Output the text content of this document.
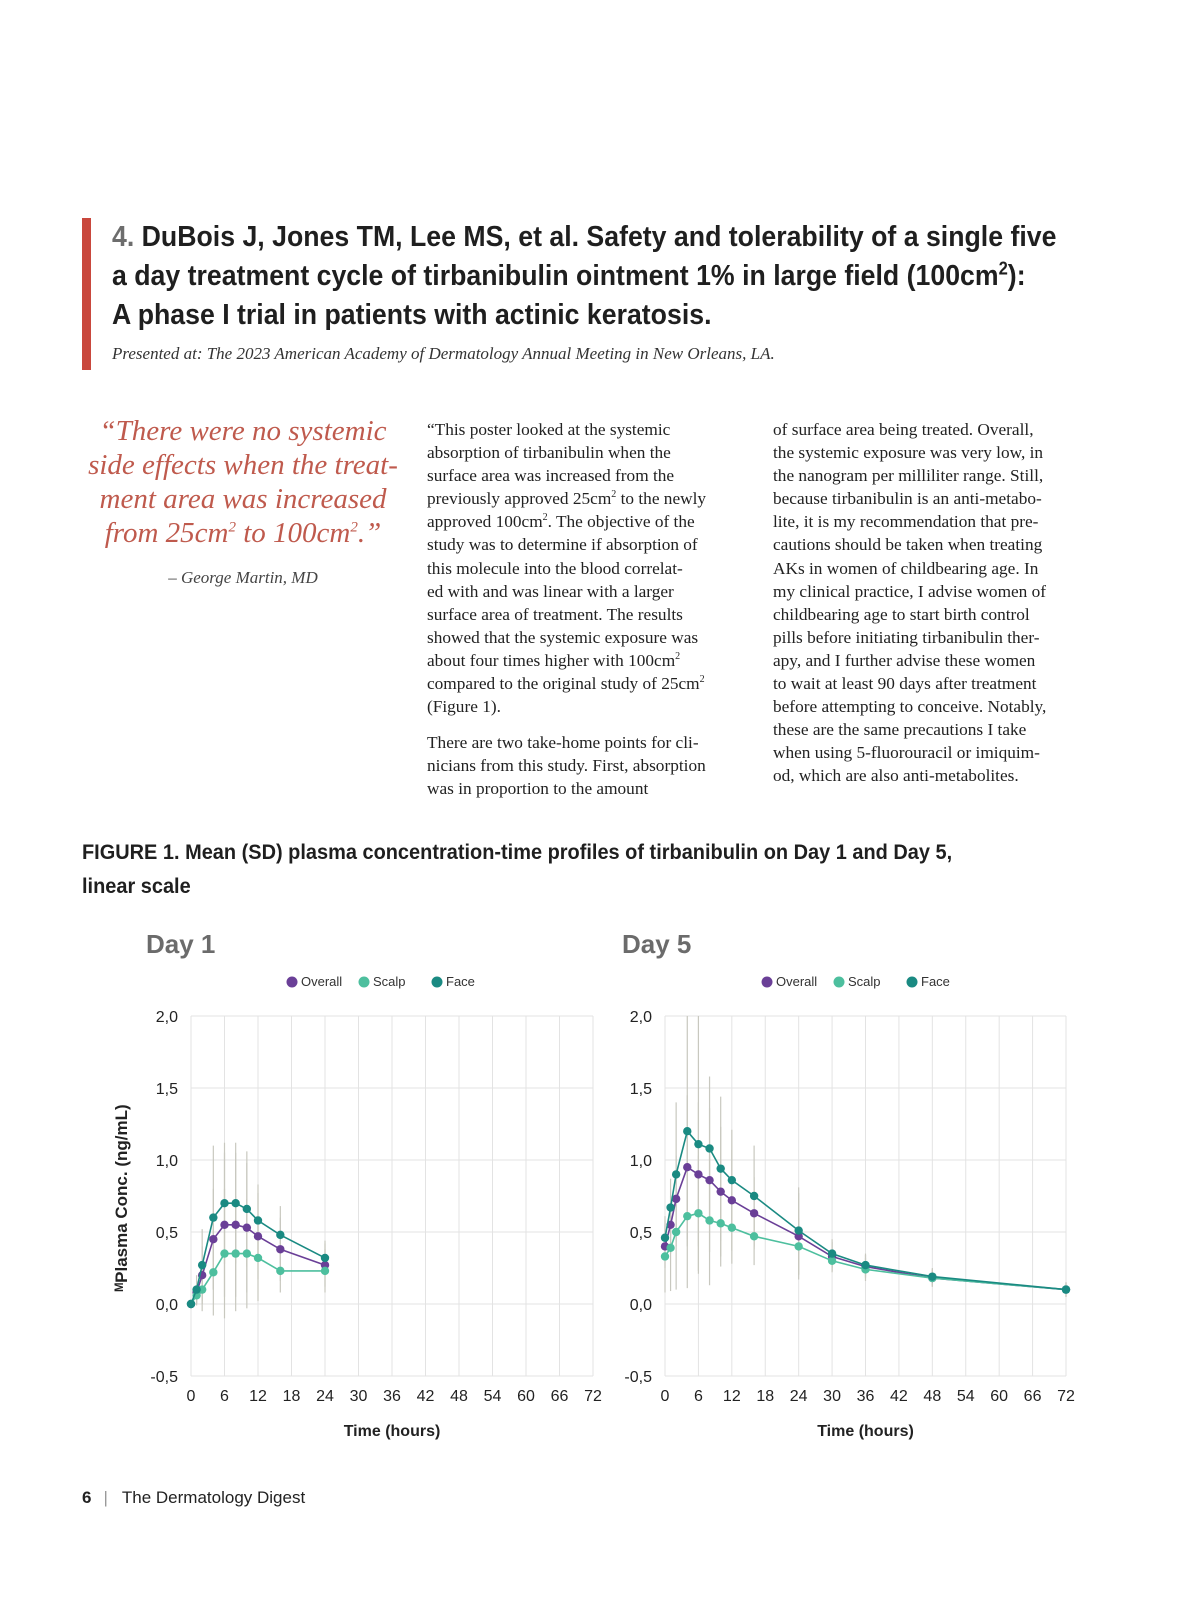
4. DuBois J, Jones TM, Lee MS, et al. Safety and tolerability of a single five
a day treatment cycle of tirbanibulin ointment 1% in large field $(100cm^2)$:
A phase I trial in patients with actinic keratosis.
Presented at: The 2023 American Academy of Dermatology Annual Meeting in New Orleans, LA.

“There were no systemic
side effects when the treat-
ment area was increased
from $25cm^2$ to $100cm^2$.”

– George Martin, MD

“This poster looked at the systemic
absorption of tirbanibulin when the
surface area was increased from the
previously approved $25cm^2$ to the newly
approved $100cm^2$. The objective of the
study was to determine if absorption of
this molecule into the blood correlat-
ed with and was linear with a larger
surface area of treatment. The results
showed that the systemic exposure was
about four times higher with $100cm^2$
compared to the original study of $25cm^2$
(Figure 1).

There are two take-home points for cli-
nicians from this study. First, absorption
was in proportion to the amount

of surface area being treated. Overall,
the systemic exposure was very low, in
the nanogram per milliliter range. Still,
because tirbanibulin is an anti-metabo-
lite, it is my recommendation that pre-
cautions should be taken when treating
AKs in women of childbearing age. In
my clinical practice, I advise women of
childbearing age to start birth control
pills before initiating tirbanibulin ther-
apy, and I further advise these women
to wait at least 90 days after treatment
before attempting to conceive. Notably,
these are the same precautions I take
when using 5-fluorouracil or imiquim-
od, which are also anti-metabolites.

FIGURE 1. Mean (SD) plasma concentration-time profiles of tirbanibulin on Day 1 and Day 5,
linear scale

Day 1
Overall Scalp	Face
-0,5
0,0
0,5
1,0
1,5
2,0
0 6 12 18 24 30 36 42 48 54 60 66 72
Time (hours)
ᴹPlasma Conc. (ng/mL)
Day 5
Overall Scalp	Face
-0,5
0,0
0,5
1,0
1,5
2,0
0 6 12 18 24 30 36 42 48 54 60 66 72
Time (hours)
6 | The Dermatology Digest
